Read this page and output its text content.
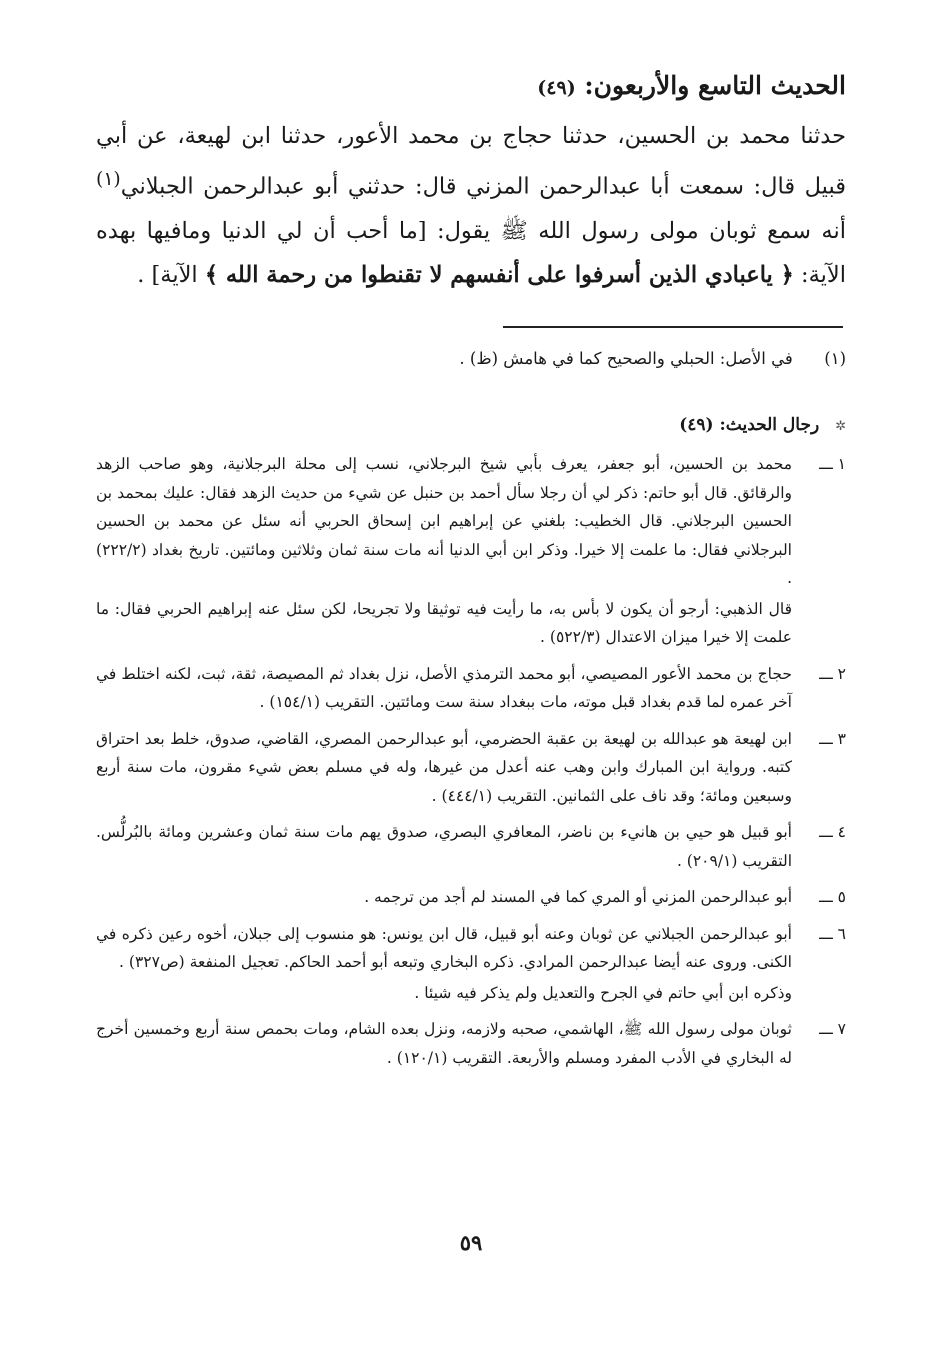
الحديث التاسع والأربعون: (٤٩)
حدثنا محمد بن الحسين، حدثنا حجاج بن محمد الأعور، حدثنا ابن لهيعة، عن أبي قبيل قال: سمعت أبا عبدالرحمن المزني قال: حدثني أبو عبدالرحمن الجبلاني$^{(١)}$ أنه سمع ثوبان مولى رسول الله ﷺ يقول: [ما أحب أن لي الدنيا ومافيها بهده الآية: ﴿ ياعبادي الذين أسرفوا على أنفسهم لا تقنطوا من رحمة الله ﴾ الآية] .
(١) في الأصل: الحبلي والصحيح كما في هامش (ظ) .
✲ رجال الحديث: (٤٩)
١ ـــ

محمد بن الحسين، أبو جعفر، يعرف بأبي شيخ البرجلاني، نسب إلى محلة البرجلانية، وهو صاحب الزهد والرقائق. قال أبو حاتم: ذكر لي أن رجلا سأل أحمد بن حنبل عن شيء من حديث الزهد فقال: عليك بمحمد بن الحسين البرجلاني. قال الخطيب: بلغني عن إبراهيم ابن إسحاق الحربي أنه سئل عن محمد بن الحسين البرجلاني فقال: ما علمت إلا خيرا. وذكر ابن أبي الدنيا أنه مات سنة ثمان وثلاثين ومائتين. تاريخ بغداد (٢٢٢/٢) .

قال الذهبي: أرجو أن يكون لا بأس به، ما رأيت فيه توثيقا ولا تجريحا، لكن سئل عنه إبراهيم الحربي فقال: ما علمت إلا خيرا ميزان الاعتدال (٥٢٢/٣) .

٢ ـــ

حجاج بن محمد الأعور المصيصي، أبو محمد الترمذي الأصل، نزل بغداد ثم المصيصة، ثقة، ثبت، لكنه اختلط في آخر عمره لما قدم بغداد قبل موته، مات ببغداد سنة ست ومائتين. التقريب (١٥٤/١) .

٣ ـــ

ابن لهيعة هو عبدالله بن لهيعة بن عقبة الحضرمي، أبو عبدالرحمن المصري، القاضي، صدوق، خلط بعد احتراق كتبه. ورواية ابن المبارك وابن وهب عنه أعدل من غيرها، وله في مسلم بعض شيء مقرون، مات سنة أربع وسبعين ومائة؛ وقد ناف على الثمانين. التقريب (٤٤٤/١) .

٤ ـــ

أبو قبيل هو حيي بن هانيء بن ناضر، المعافري البصري، صدوق يهم مات سنة ثمان وعشرين ومائة بالبُرلُّس. التقريب (٢٠٩/١) .

٥ ـــ

أبو عبدالرحمن المزني أو المري كما في المسند لم أجد من ترجمه .

٦ ـــ

أبو عبدالرحمن الجبلاني عن ثوبان وعنه أبو قبيل، قال ابن يونس: هو منسوب إلى جبلان، أخوه رعين ذكره في الكنى. وروى عنه أيضا عبدالرحمن المرادي. ذكره البخاري وتبعه أبو أحمد الحاكم. تعجيل المنفعة (ص٣٢٧) .

وذكره ابن أبي حاتم في الجرح والتعديل ولم يذكر فيه شيئا .

٧ ـــ

ثوبان مولى رسول الله ﷺ، الهاشمي، صحبه ولازمه، ونزل بعده الشام، ومات بحمص سنة أربع وخمسين أخرج له البخاري في الأدب المفرد ومسلم والأربعة. التقريب (١٢٠/١) .

٥٩
